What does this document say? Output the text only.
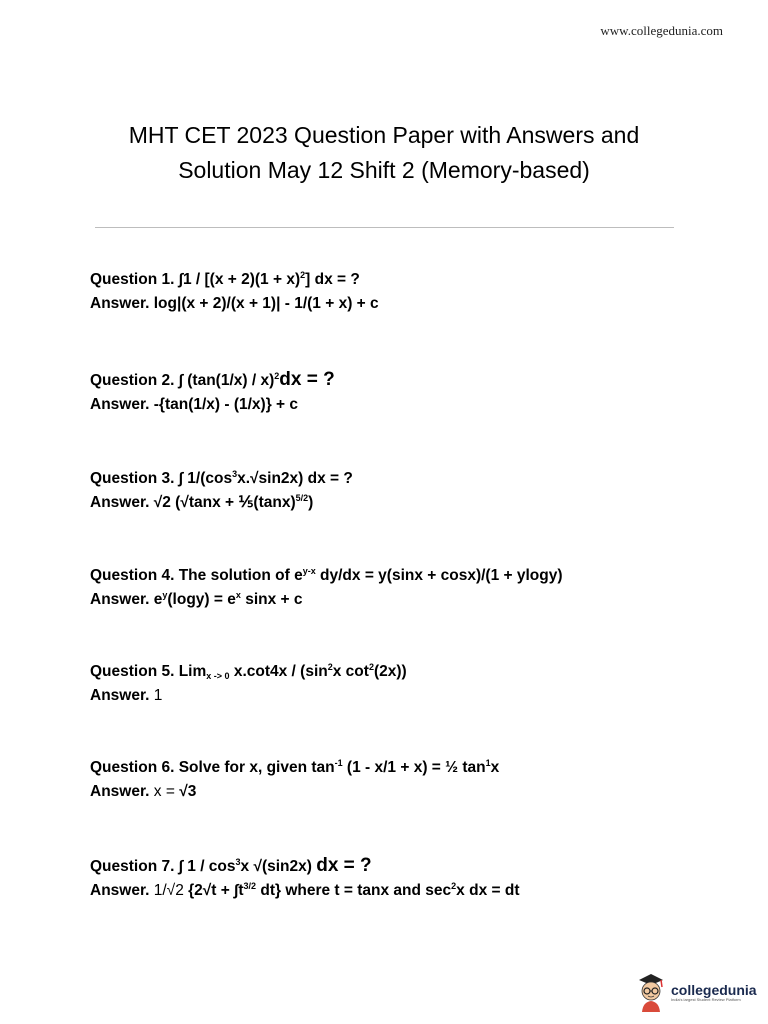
www.collegedunia.com
MHT CET 2023 Question Paper with Answers and
Solution May 12 Shift 2 (Memory-based)
Question 1. $\int 1 / [(x + 2)(1 + x)^2]$ dx = ?
Answer. log|(x + 2)/(x + 1)| - 1/(1 + x) + c
Question 2. ∫ (tan(1/x) / x)$^2$dx = ?
Answer. -{tan(1/x) - (1/x)} + c
Question 3. ∫ $1/(\cos^3x.√\sin 2x)$ dx = ?
Answer. √2 $(√\tan x + \frac{1}{5}(\tan x)^{5/2})$
Question 4. The solution of $e^{y-x}$ dy/dx = y(sinx + cosx)/(1 + ylogy)
Answer. $e^y(\log y) = e^x$ sinx + c
Question 5. Lim$_{x -> 0}$ $x.\cot 4x / (\sin^2x$ $\cot^2(2x)$)
Answer. 1
Question 6. Solve for x, given $\tan^{-1} (1 - x/1 + x)$ = ½ $\tan^1x$
Answer. x = √3
Question 7. ∫ $1 / \cos^3x$ √(sin2x) dx = ?
Answer. 1/√2 {$2√t + \int t^{3/2}$ dt} where t = tanx and $\sec^2x$ dx = dt
collegedunia
India's largest Student Review Platform
